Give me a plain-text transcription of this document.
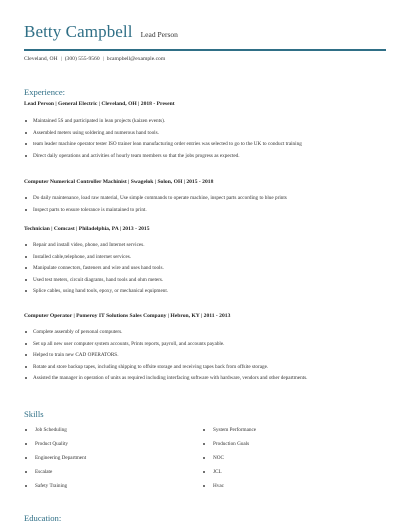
Betty Campbell Lead Person
Cleveland, OH | (300) 555-9560 | bcampbell@example.com
Experience:
Lead Person | General Electric | Cleveland, OH | 2018 - Present
Maintained 5S and participated in lean projects (kaizen events).
Assembled meters using soldering and numerous hand tools.
team leader machine operator tester ISO trainer lean manufacturing order entries was selected to go to the UK to conduct training
Direct daily operations and activities of hourly team members so that the jobs progress as expected.
Computer Numerical Controller Machinist | Swagelok | Solon, OH | 2015 - 2018
Do daily maintenance, load raw material, Use simple commands to operate machine, inspect parts according to blue prints
Inspect parts to ensure tolerance is maintained to print.
Technician | Comcast | Philadelphia, PA | 2013 - 2015
Repair and install video, phone, and Internet services.
Installed cable,telephone, and internet services.
Manipulate connectors, fasteners and wire and uses hand tools.
Used test meters, circuit diagrams, hand tools and ohm meters.
Splice cables, using hand tools, epoxy, or mechanical equipment.
Computer Operator | Pomeroy IT Solutions Sales Company | Hebron, KY | 2011 - 2013
Complete assembly of personal computers.
Set up all new user computer system accounts, Prints reports, payroll, and accounts payable.
Helped to train new CAD OPERATORS.
Rotate and store backup tapes, including shipping to offsite storage and receiving tapes back from offsite storage.
Assisted the manager in operation of units as required including interfacing software with hardware, vendors and other departments.
Skills
Job Scheduling
Product Quality
Engineering Department
Escalate
Safety Training
System Performance
Production Goals
NOC
JCL
Hvac
Education:
